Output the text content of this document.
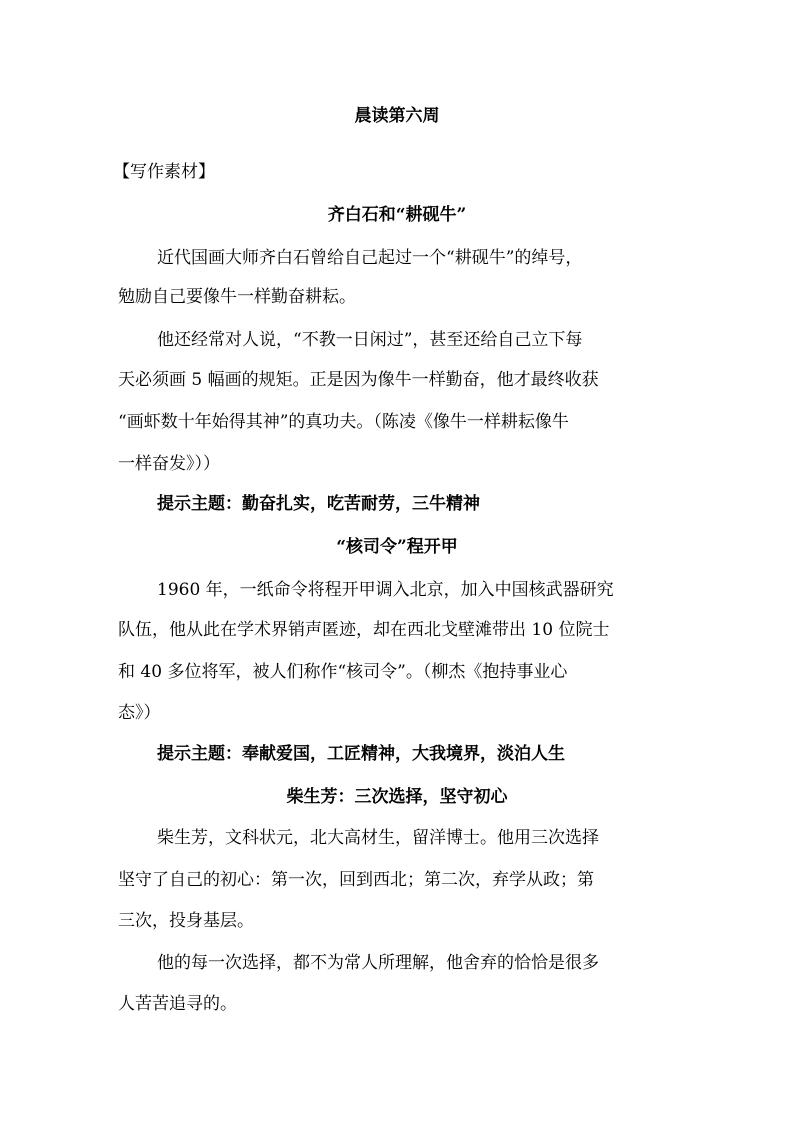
晨读第六周
【写作素材】
齐白石和“耕砚牛”
近代国画大师齐白石曾给自己起过一个“耕砚牛”的绰号，
勉励自己要像牛一样勤奋耕耘。
他还经常对人说，“不教一日闲过”，甚至还给自己立下每
天必须画 5 幅画的规矩。正是因为像牛一样勤奋，他才最终收获
“画虾数十年始得其神”的真功夫。（陈凌《像牛一样耕耘像牛
一样奋发》））
提示主题：勤奋扎实，吃苦耐劳，三牛精神
“核司令”程开甲
1960 年，一纸命令将程开甲调入北京，加入中国核武器研究
队伍，他从此在学术界销声匿迹，却在西北戈壁滩带出 10 位院士
和 40 多位将军，被人们称作“核司令”。（柳杰《抱持事业心
态》）
提示主题：奉献爱国，工匠精神，大我境界，淡泊人生
柴生芳：三次选择，坚守初心
柴生芳，文科状元，北大高材生，留洋博士。他用三次选择
坚守了自己的初心：第一次，回到西北；第二次，弃学从政；第
三次，投身基层。
他的每一次选择，都不为常人所理解，他舍弃的恰恰是很多
人苦苦追寻的。
